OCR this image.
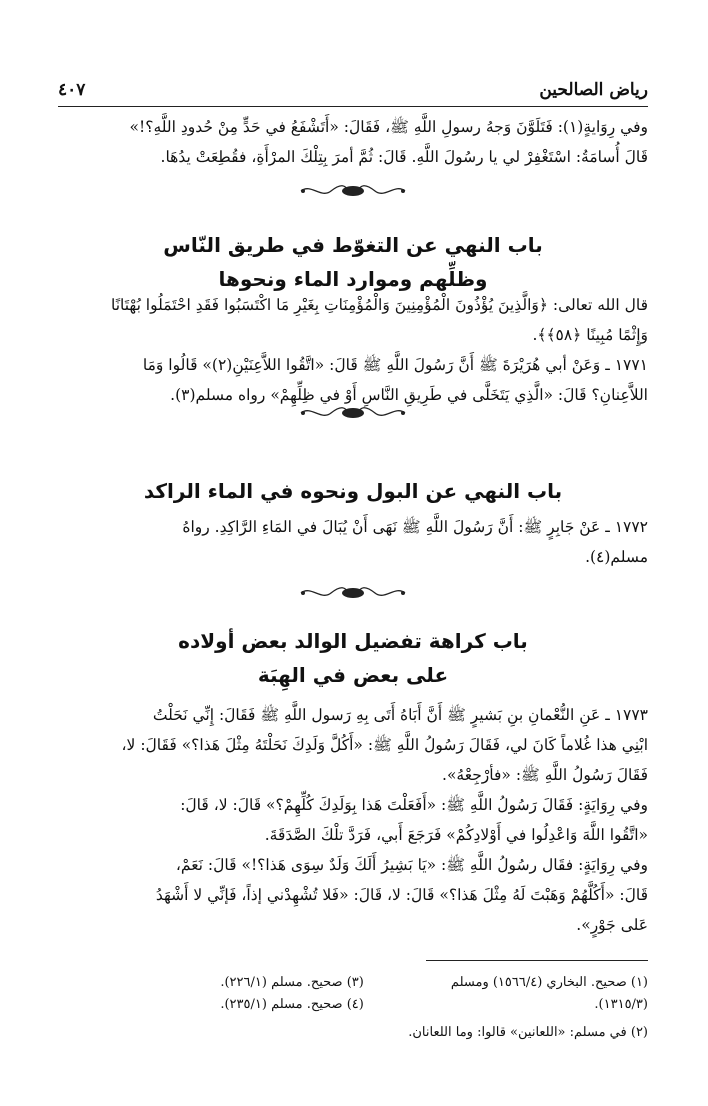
رياض الصالحين
٤٠٧
وفي رِوَايةٍ(١): فَتَلَوَّنَ وَجهُ رسولِ اللَّهِ ﷺ، فَقَالَ: «أَتَشْفَعُ في حَدٍّ مِنْ حُدودِ اللَّهِ؟!»
قَالَ أُسامَةُ: اسْتَغْفِرْ لي يا رسُولَ اللَّهِ. قَالَ: ثُمَّ أمرَ بِتِلْكَ المرْأَةِ، فقُطِعَتْ يدُهَا.
باب النهي عن التغوّط في طريق النّاس
وظلِّهم وموارد الماء ونحوها
قال الله تعالى: ﴿وَالَّذِينَ يُؤْذُونَ الْمُؤْمِنِينَ وَالْمُؤْمِنَاتِ بِغَيْرِ مَا اكْتَسَبُوا فَقَدِ احْتَمَلُوا بُهْتَانًا
وَإِثْمًا مُبِينًا ﴿٥٨﴾﴾.
١٧٧١ ـ وَعَنْ أبي هُرَيْرَةَ ﷺ أَنَّ رَسُولَ اللَّهِ ﷺ قَالَ: «اتَّقُوا اللاَّعِنَيْنِ(٢)» قَالُوا وَمَا
اللاَّعِنانِ؟ قَالَ: «الَّذِي يَتَخَلَّى في طَرِيقِ النَّاسِ أَوْ في ظِلِّهِمْ» رواه مسلم(٣).
باب النهي عن البول ونحوه في الماء الراكد
١٧٧٢ ـ عَنْ جَابِرٍ ﷺ: أَنَّ رَسُولَ اللَّهِ ﷺ نَهَى أَنْ يُبَالَ في المَاءِ الرَّاكِدِ. رواهُ
مسلم(٤).
باب كراهة تفضيل الوالد بعض أولاده
على بعض في الهِبَة
١٧٧٣ ـ عَنِ النُّعْمانِ بنِ بَشيرٍ ﷺ أَنَّ أَبَاهُ أَتَى بِهِ رَسول اللَّهِ ﷺ فَقَالَ: إِنِّي نَحَلْتُ
ابْنِي هذا غُلاماً كَانَ لي، فَقَالَ رَسُولُ اللَّهِ ﷺ: «أَكُلَّ وَلَدِكَ نَحَلْتَهُ مِثْلَ هَذا؟» فَقَالَ: لا،
فَقَالَ رَسُولُ اللَّهِ ﷺ: «فأرْجِعْهُ».
وفي رِوَايَةٍ: فَقَالَ رَسُولُ اللَّهِ ﷺ: «أَفَعَلْتَ هَذا بِوَلَدِكَ كُلِّهِمْ؟» قَالَ: لا، قَالَ:
«اتَّقُوا اللَّهَ وَاعْدِلُوا في أَوْلادِكُمْ» فَرَجَعَ أَبي، فَرَدَّ تلْكَ الصَّدَقَةَ.
وفي رِوَايَةٍ: فقَال رسُولُ اللَّهِ ﷺ: «يَا بَشِيرُ أَلَكَ وَلَدٌ سِوَى هَذا؟!» قَالَ: نَعَمْ،
قَالَ: «أَكُلَّهُمْ وَهَبْتَ لَهُ مِثْلَ هَذا؟» قَالَ: لا، قَالَ: «فَلا تُشْهِدْني إذاً، فَإنِّي لا أَشْهَدُ
عَلى جَوْرٍ».
(١) صحيح. البخاري (١٥٦٦/٤) ومسلم (٣) صحيح. مسلم (٢٢٦/١).
(١٣١٥/٣). (٤) صحيح. مسلم (٢٣٥/١).
(٢) في مسلم: «اللعانين» قالوا: وما اللعانان.
